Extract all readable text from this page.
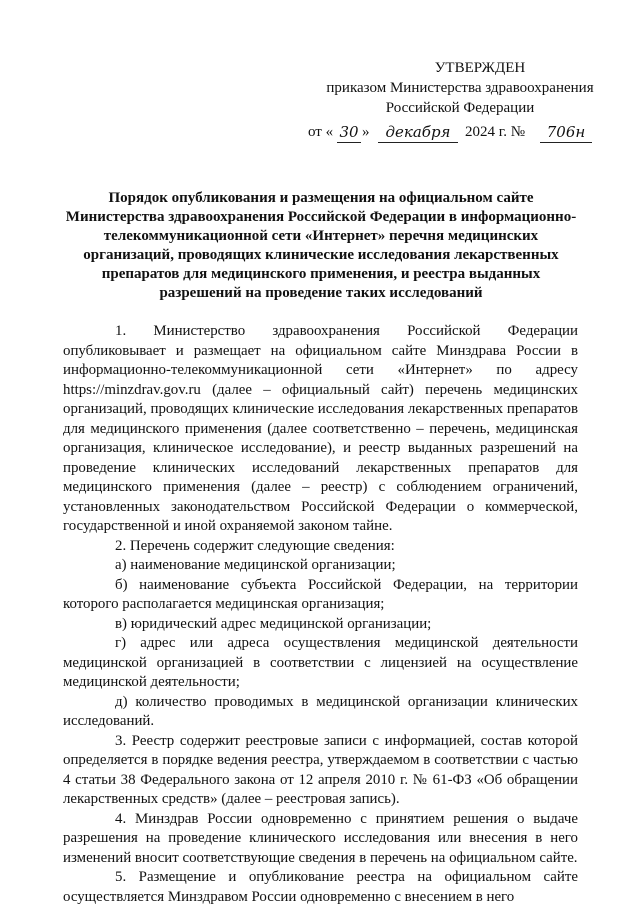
УТВЕРЖДЕН
приказом Министерства здравоохранения
Российской Федерации
от « 30 »	декабря 2024 г. №	706н
Порядок опубликования и размещения на официальном сайте Министерства здравоохранения Российской Федерации в информационно-телекоммуникационной сети «Интернет» перечня медицинских организаций, проводящих клинические исследования лекарственных препаратов для медицинского применения, и реестра выданных разрешений на проведение таких исследований

1. Министерство здравоохранения Российской Федерации опубликовывает и размещает на официальном сайте Минздрава России в информационно-телекоммуникационной сети «Интернет» по адресу https://minzdrav.gov.ru (далее – официальный сайт) перечень медицинских организаций, проводящих клинические исследования лекарственных препаратов для медицинского применения (далее соответственно – перечень, медицинская организация, клиническое исследование), и реестр выданных разрешений на проведение клинических исследований лекарственных препаратов для медицинского применения (далее – реестр) с соблюдением ограничений, установленных законодательством Российской Федерации о коммерческой, государственной и иной охраняемой законом тайне.

2. Перечень содержит следующие сведения:

а) наименование медицинской организации;

б) наименование субъекта Российской Федерации, на территории которого располагается медицинская организация;

в) юридический адрес медицинской организации;

г) адрес или адреса осуществления медицинской деятельности медицинской организацией в соответствии с лицензией на осуществление медицинской деятельности;

д) количество проводимых в медицинской организации клинических исследований.

3. Реестр содержит реестровые записи с информацией, состав которой определяется в порядке ведения реестра, утверждаемом в соответствии с частью 4 статьи 38 Федерального закона от 12 апреля 2010 г. № 61-ФЗ «Об обращении лекарственных средств» (далее – реестровая запись).

4. Минздрав России одновременно с принятием решения о выдаче разрешения на проведение клинического исследования или внесения в него изменений вносит соответствующие сведения в перечень на официальном сайте.

5. Размещение и опубликование реестра на официальном сайте осуществляется Минздравом России одновременно с внесением в него
